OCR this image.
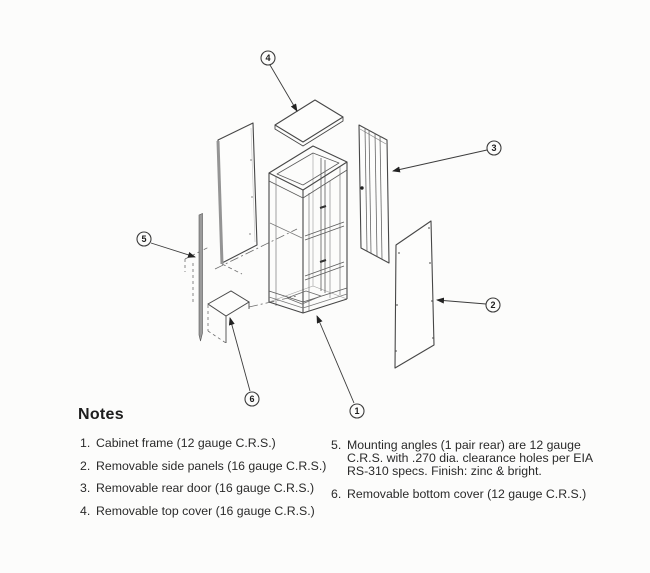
4
3
5
2
6
1
Notes
1. Cabinet frame (12 gauge C.R.S.)
2. Removable side panels (16 gauge C.R.S.)
3. Removable rear door (16 gauge C.R.S.)
4. Removable top cover (16 gauge C.R.S.)
5. Mounting angles (1 pair rear) are 12 gauge
C.R.S. with .270 dia. clearance holes per EIA
RS-310 specs. Finish: zinc & bright.
6. Removable bottom cover (12 gauge C.R.S.)
